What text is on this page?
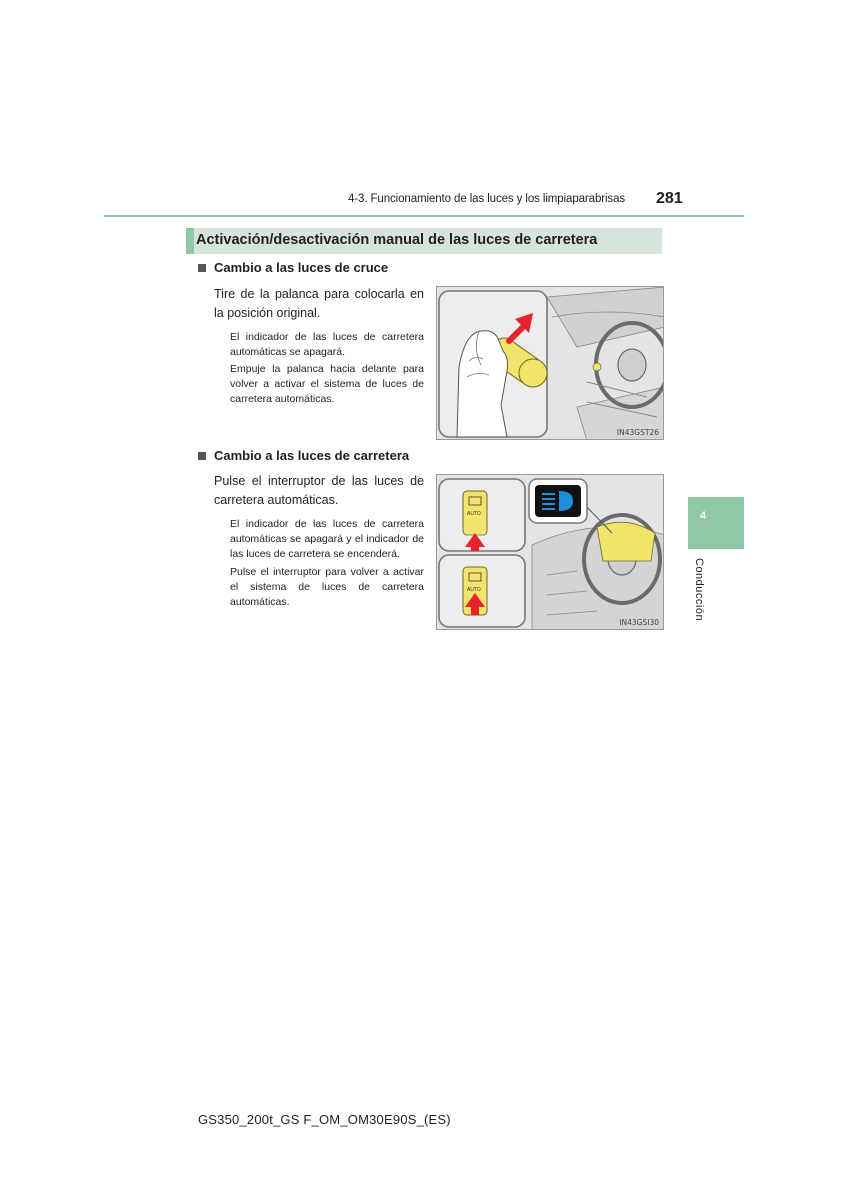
4-3. Funcionamiento de las luces y los limpiaparabrisas 281
Activación/desactivación manual de las luces de carretera
Cambio a las luces de cruce
Tire de la palanca para colocarla en la posición original.
El indicador de las luces de carretera automáticas se apagará.
Empuje la palanca hacia delante para volver a activar el sistema de luces de carretera automáticas.
IN43GST26
Cambio a las luces de carretera
Pulse el interruptor de las luces de carretera automáticas.
El indicador de las luces de carretera automáticas se apagará y el indicador de las luces de carretera se encenderá.
Pulse el interruptor para volver a activar el sistema de luces de carretera automáticas.
AUTO
AUTO
IN43GSI30
4
Conducción
GS350_200t_GS F_OM_OM30E90S_(ES)
